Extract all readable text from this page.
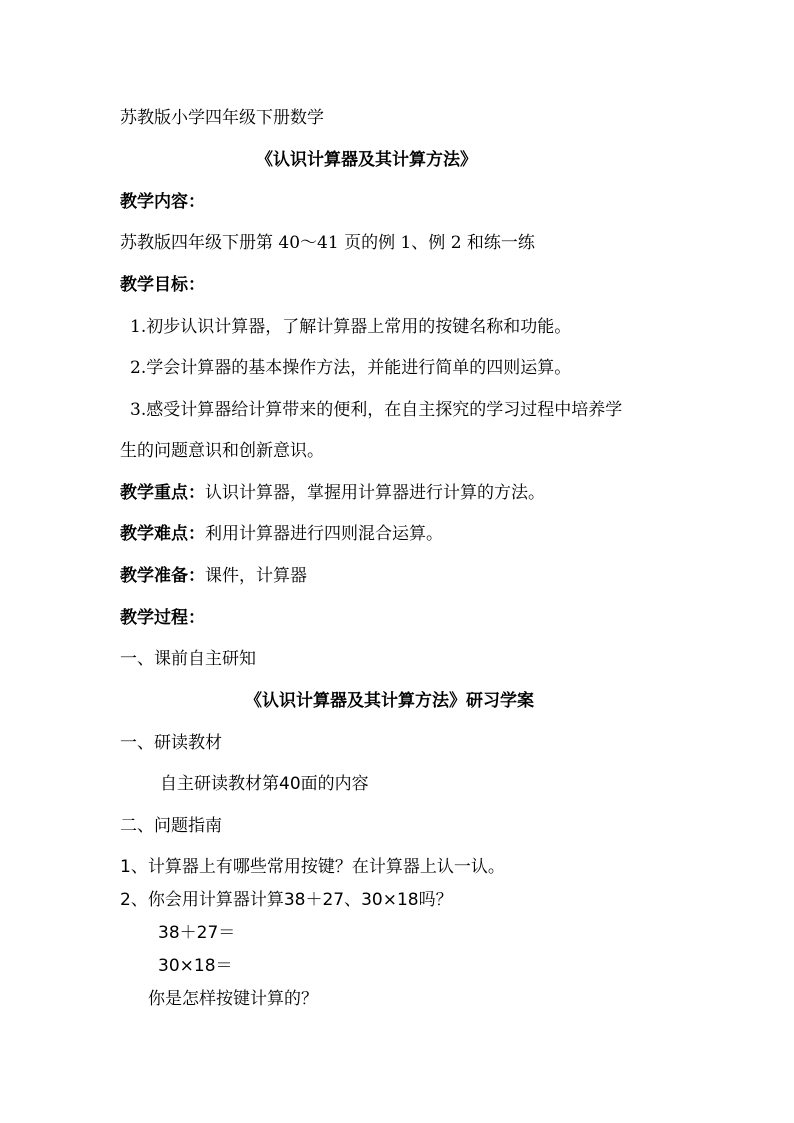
苏教版小学四年级下册数学
《认识计算器及其计算方法》
教学内容：
苏教版四年级下册第 40～41 页的例 1、例 2 和练一练
教学目标：
1.初步认识计算器，了解计算器上常用的按键名称和功能。
2.学会计算器的基本操作方法，并能进行简单的四则运算。
3.感受计算器给计算带来的便利，在自主探究的学习过程中培养学
生的问题意识和创新意识。
教学重点：认识计算器，掌握用计算器进行计算的方法。
教学难点：利用计算器进行四则混合运算。
教学准备：课件，计算器
教学过程：
一、课前自主研知
《认识计算器及其计算方法》研习学案
一、研读教材
自主研读教材第40面的内容
二、问题指南
1、计算器上有哪些常用按键？在计算器上认一认。
2、你会用计算器计算38＋27、30×18吗？
38＋27＝
30×18＝
你是怎样按键计算的？
